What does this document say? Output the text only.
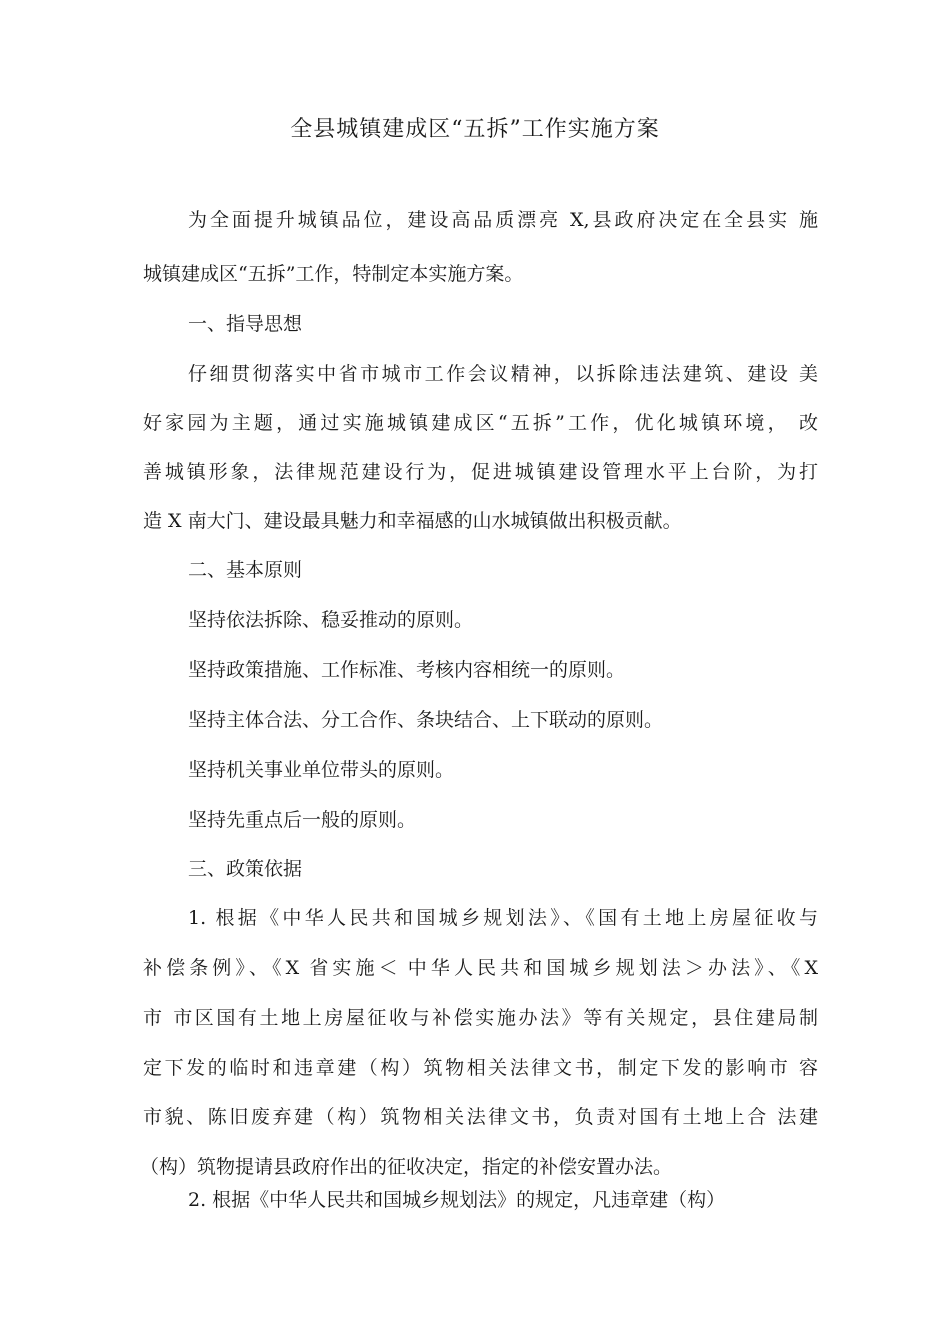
全县城镇建成区“五拆”工作实施方案
为全面提升城镇品位，建设高品质漂亮 X,县政府决定在全县实 施
城镇建成区“五拆”工作，特制定本实施方案。
一、指导思想
仔细贯彻落实中省市城市工作会议精神，以拆除违法建筑、建设 美
好家园为主题，通过实施城镇建成区“五拆”工作，优化城镇环境， 改
善城镇形象，法律规范建设行为，促进城镇建设管理水平上台阶，为打
造 X 南大门、建设最具魅力和幸福感的山水城镇做出积极贡献。
二、基本原则
坚持依法拆除、稳妥推动的原则。
坚持政策措施、工作标准、考核内容相统一的原则。
坚持主体合法、分工合作、条块结合、上下联动的原则。
坚持机关事业单位带头的原则。
坚持先重点后一般的原则。
三、政策依据
1. 根据《中华人民共和国城乡规划法》、《国有土地上房屋征收与
补偿条例》、《X 省实施＜ 中华人民共和国城乡规划法＞办法》、《X
市 市区国有土地上房屋征收与补偿实施办法》等有关规定，县住建局制
定下发的临时和违章建（构）筑物相关法律文书，制定下发的影响市 容
市貌、陈旧废弃建（构）筑物相关法律文书，负责对国有土地上合 法建
（构）筑物提请县政府作出的征收决定，指定的补偿安置办法。
2. 根据《中华人民共和国城乡规划法》的规定，凡违章建（构）
